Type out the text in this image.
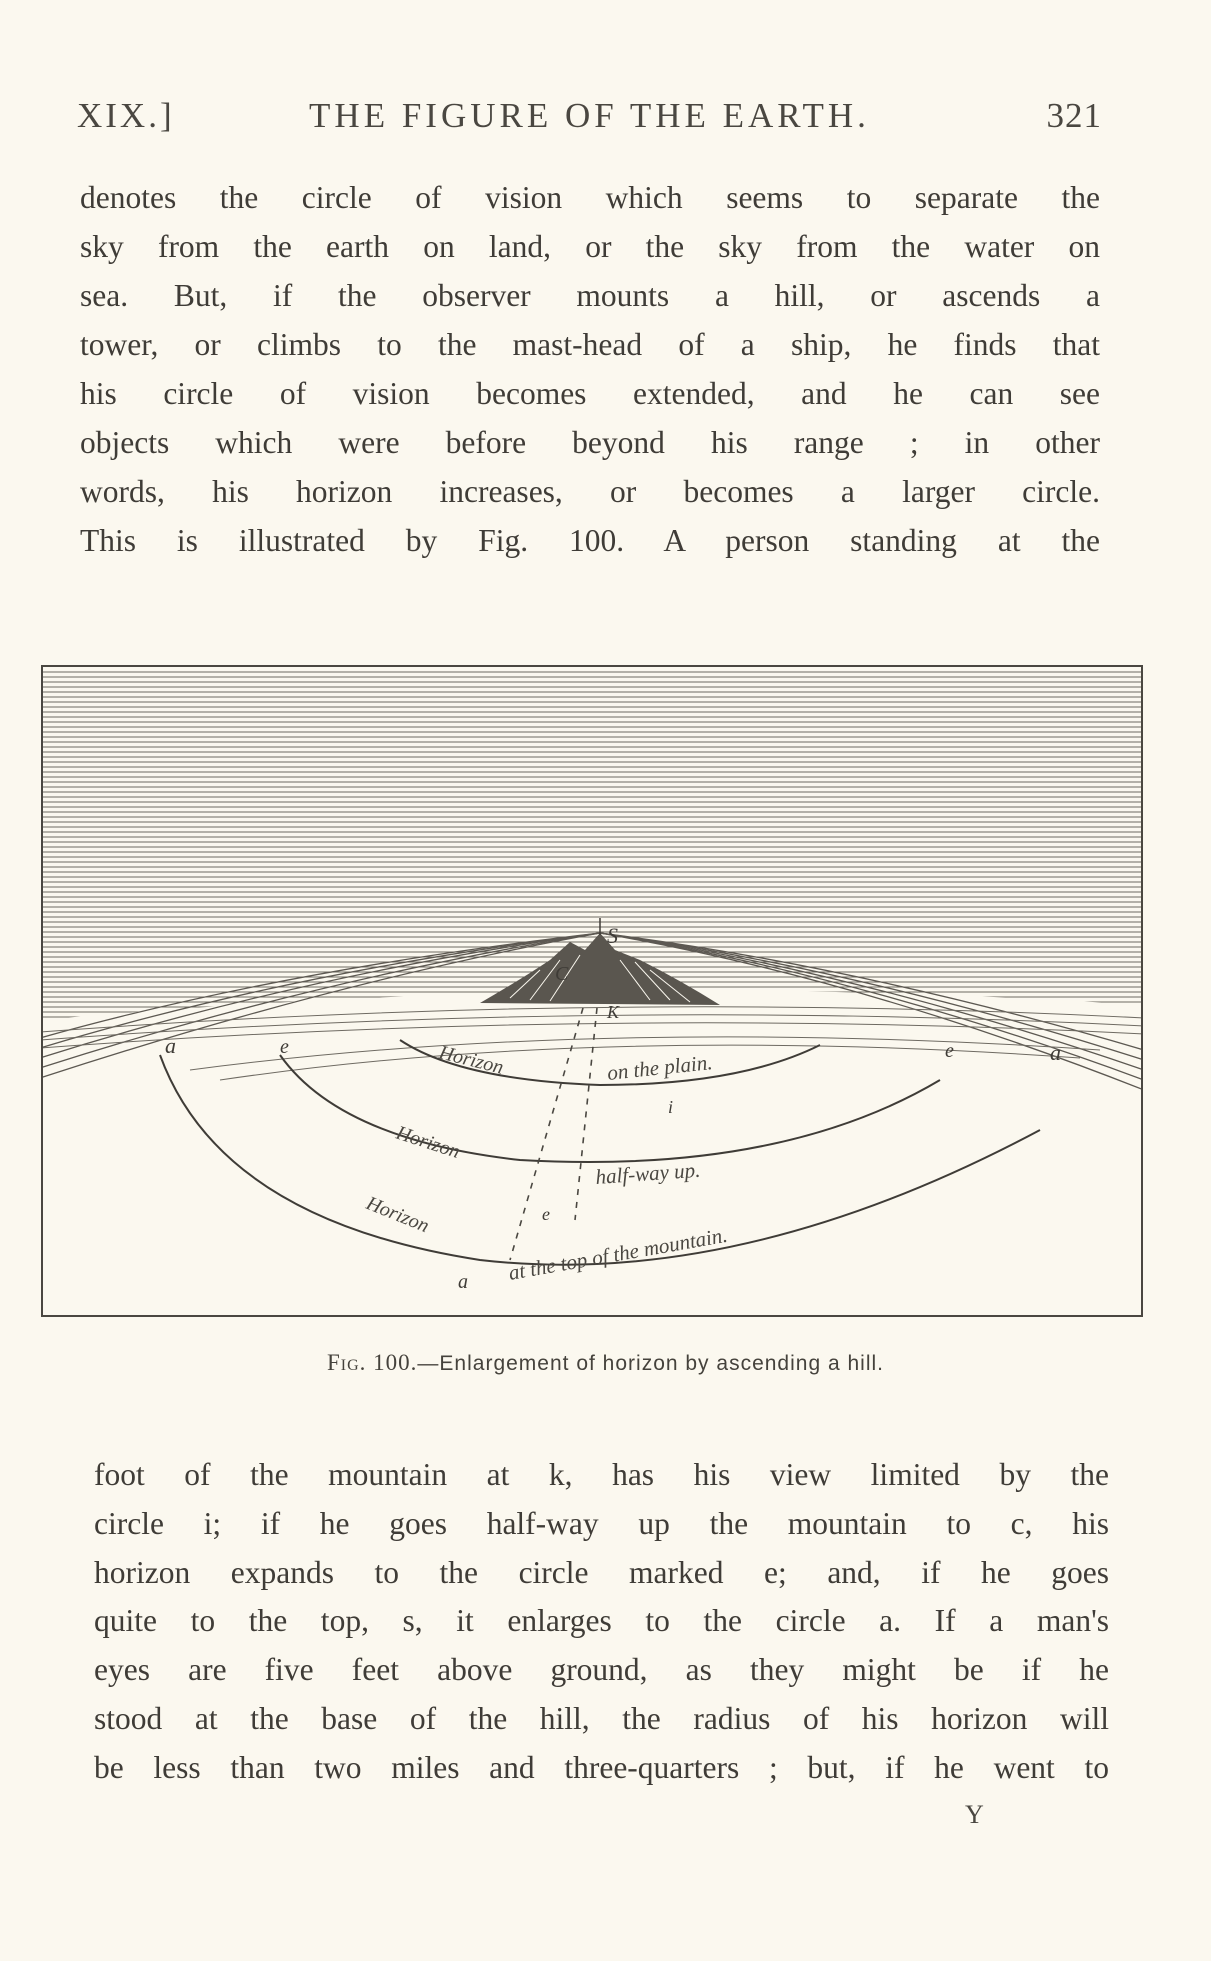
XIX.]	THE FIGURE OF THE EARTH.	321
denotes the circle of vision which seems to separate the
sky from the earth on land, or the sky from the water on
sea. But, if the observer mounts a hill, or ascends a
tower, or climbs to the mast-head of a ship, he finds that
his circle of vision becomes extended, and he can see
objects which were before beyond his range ; in other
words, his horizon increases, or becomes a larger circle.
This is illustrated by Fig. 100. A person standing at the
S
C
K
a	a
a
e	e
i
e
Horizon	on the plain.
Horizon
half-way up.
Horizon
at the top of the mountain.
Fig. 100.—Enlargement of horizon by ascending a hill.
foot of the mountain at k, has his view limited by the
circle i; if he goes half-way up the mountain to c, his
horizon expands to the circle marked e; and, if he goes
quite to the top, s, it enlarges to the circle a. If a man's
eyes are five feet above ground, as they might be if he
stood at the base of the hill, the radius of his horizon will
be less than two miles and three-quarters ; but, if he went to
Y
